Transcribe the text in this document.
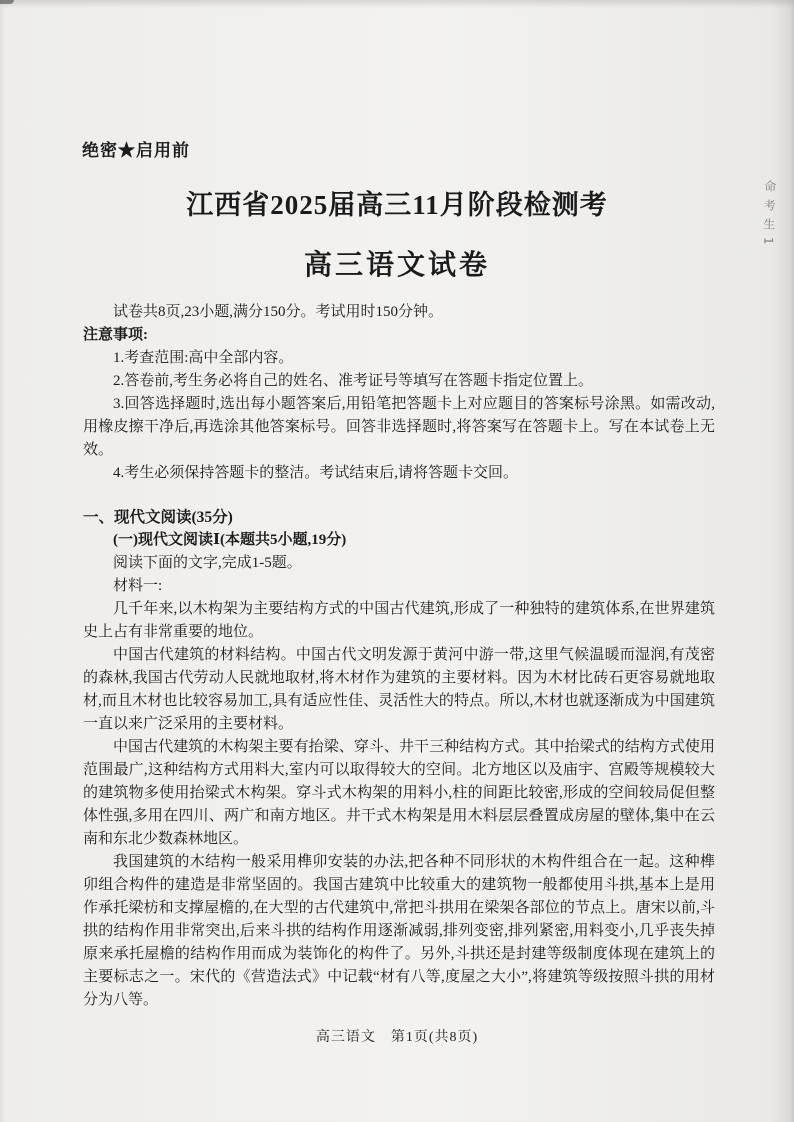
绝密★启用前
江西省2025届高三11月阶段检测考
高三语文试卷

试卷共8页,23小题,满分150分。考试用时150分钟。

注意事项:

1.考查范围:高中全部内容。

2.答卷前,考生务必将自己的姓名、准考证号等填写在答题卡指定位置上。

3.回答选择题时,选出每小题答案后,用铅笔把答题卡上对应题目的答案标号涂黑。如需改动,用橡皮擦干净后,再选涂其他答案标号。回答非选择题时,将答案写在答题卡上。写在本试卷上无效。

4.考生必须保持答题卡的整洁。考试结束后,请将答题卡交回。

一、现代文阅读(35分)

(一)现代文阅读Ⅰ(本题共5小题,19分)

阅读下面的文字,完成1-5题。

材料一:

几千年来,以木构架为主要结构方式的中国古代建筑,形成了一种独特的建筑体系,在世界建筑史上占有非常重要的地位。

中国古代建筑的材料结构。中国古代文明发源于黄河中游一带,这里气候温暖而湿润,有茂密的森林,我国古代劳动人民就地取材,将木材作为建筑的主要材料。因为木材比砖石更容易就地取材,而且木材也比较容易加工,具有适应性佳、灵活性大的特点。所以,木材也就逐渐成为中国建筑一直以来广泛采用的主要材料。

中国古代建筑的木构架主要有抬梁、穿斗、井干三种结构方式。其中抬梁式的结构方式使用范围最广,这种结构方式用料大,室内可以取得较大的空间。北方地区以及庙宇、宫殿等规模较大的建筑物多使用抬梁式木构架。穿斗式木构架的用料小,柱的间距比较密,形成的空间较局促但整体性强,多用在四川、两广和南方地区。井干式木构架是用木料层层叠置成房屋的壁体,集中在云南和东北少数森林地区。

我国建筑的木结构一般采用榫卯安装的办法,把各种不同形状的木构件组合在一起。这种榫卯组合构件的建造是非常坚固的。我国古建筑中比较重大的建筑物一般都使用斗拱,基本上是用作承托梁枋和支撑屋檐的,在大型的古代建筑中,常把斗拱用在梁架各部位的节点上。唐宋以前,斗拱的结构作用非常突出,后来斗拱的结构作用逐渐减弱,排列变密,排列紧密,用料变小,几乎丧失掉原来承托屋檐的结构作用而成为装饰化的构件了。另外,斗拱还是封建等级制度体现在建筑上的主要标志之一。宋代的《营造法式》中记载“材有八等,度屋之大小”,将建筑等级按照斗拱的用材分为八等。

高三语文　第1页(共8页)
命考生1
